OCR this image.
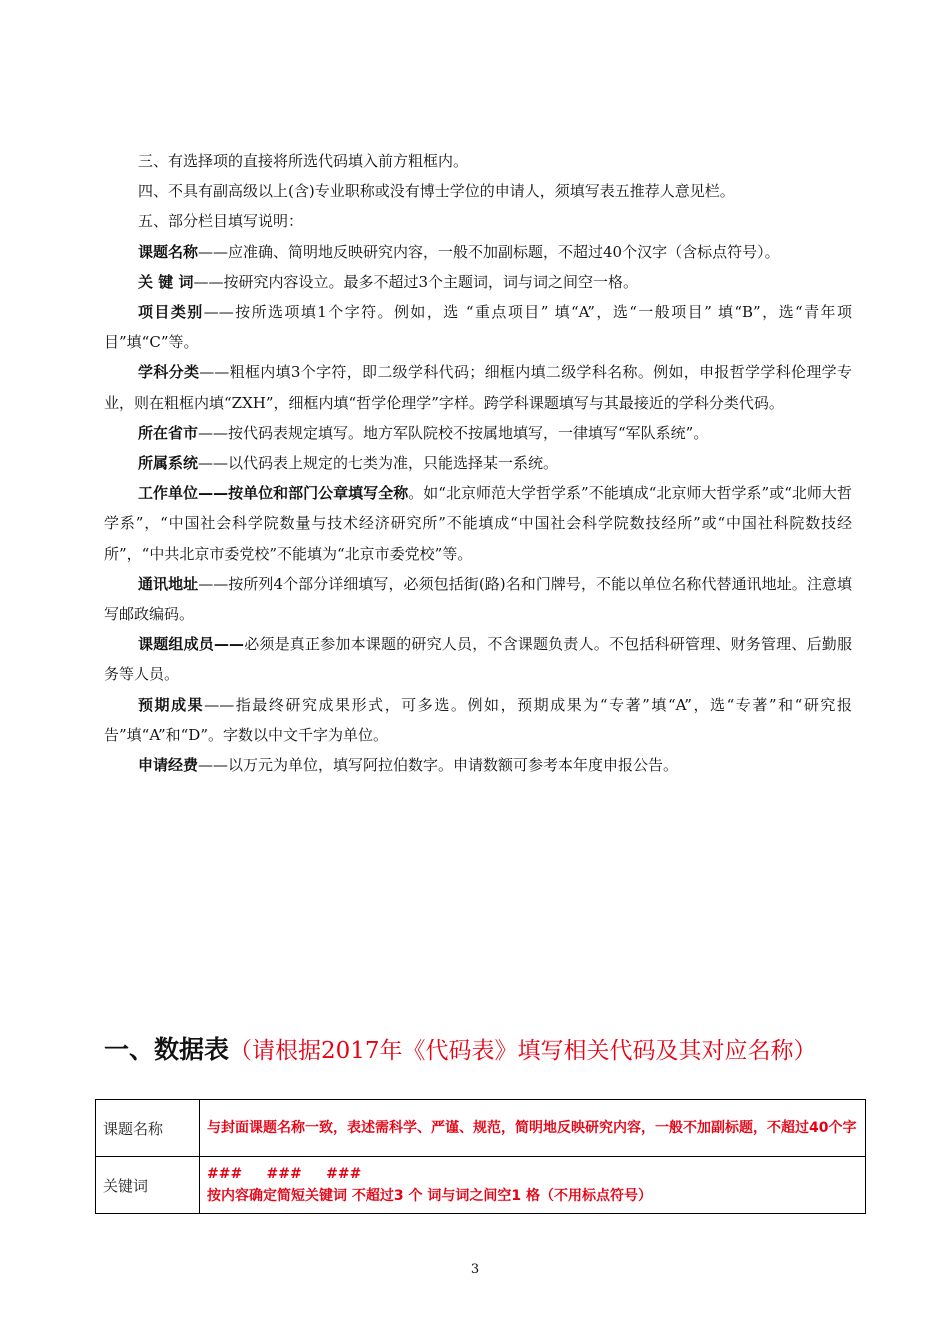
三、有选择项的直接将所选代码填入前方粗框内。

四、不具有副高级以上(含)专业职称或没有博士学位的申请人，须填写表五推荐人意见栏。

五、部分栏目填写说明：

课题名称——应准确、简明地反映研究内容，一般不加副标题，不超过40个汉字（含标点符号）。

关 键 词——按研究内容设立。最多不超过3个主题词，词与词之间空一格。

项目类别——按所选项填1个字符。例如，选 “重点项目” 填“A”，选“一般项目” 填“B”，选“青年项目”填“C”等。

学科分类——粗框内填3个字符，即二级学科代码；细框内填二级学科名称。例如，申报哲学学科伦理学专业，则在粗框内填“ZXH”，细框内填“哲学伦理学”字样。跨学科课题填写与其最接近的学科分类代码。

所在省市——按代码表规定填写。地方军队院校不按属地填写，一律填写“军队系统”。

所属系统——以代码表上规定的七类为准，只能选择某一系统。

工作单位——按单位和部门公章填写全称。如“北京师范大学哲学系”不能填成“北京师大哲学系”或“北师大哲学系”，“中国社会科学院数量与技术经济研究所”不能填成“中国社会科学院数技经所”或“中国社科院数技经所”，“中共北京市委党校”不能填为“北京市委党校”等。

通讯地址——按所列4个部分详细填写，必须包括街(路)名和门牌号，不能以单位名称代替通讯地址。注意填写邮政编码。

课题组成员——必须是真正参加本课题的研究人员，不含课题负责人。不包括科研管理、财务管理、后勤服务等人员。

预期成果——指最终研究成果形式，可多选。例如，预期成果为“专著”填“A”，选“专著”和“研究报告”填“A”和“D”。字数以中文千字为单位。

申请经费——以万元为单位，填写阿拉伯数字。申请数额可参考本年度申报公告。

一、数据表（请根据2017年《代码表》填写相关代码及其对应名称）
课题名称	与封面课题名称一致，表述需科学、严谨、规范，简明地反映研究内容，一般不加副标题，不超过40个字
关键词	###     ###     ###
按内容确定简短关键词 不超过3 个 词与词之间空1 格（不用标点符号）
3
